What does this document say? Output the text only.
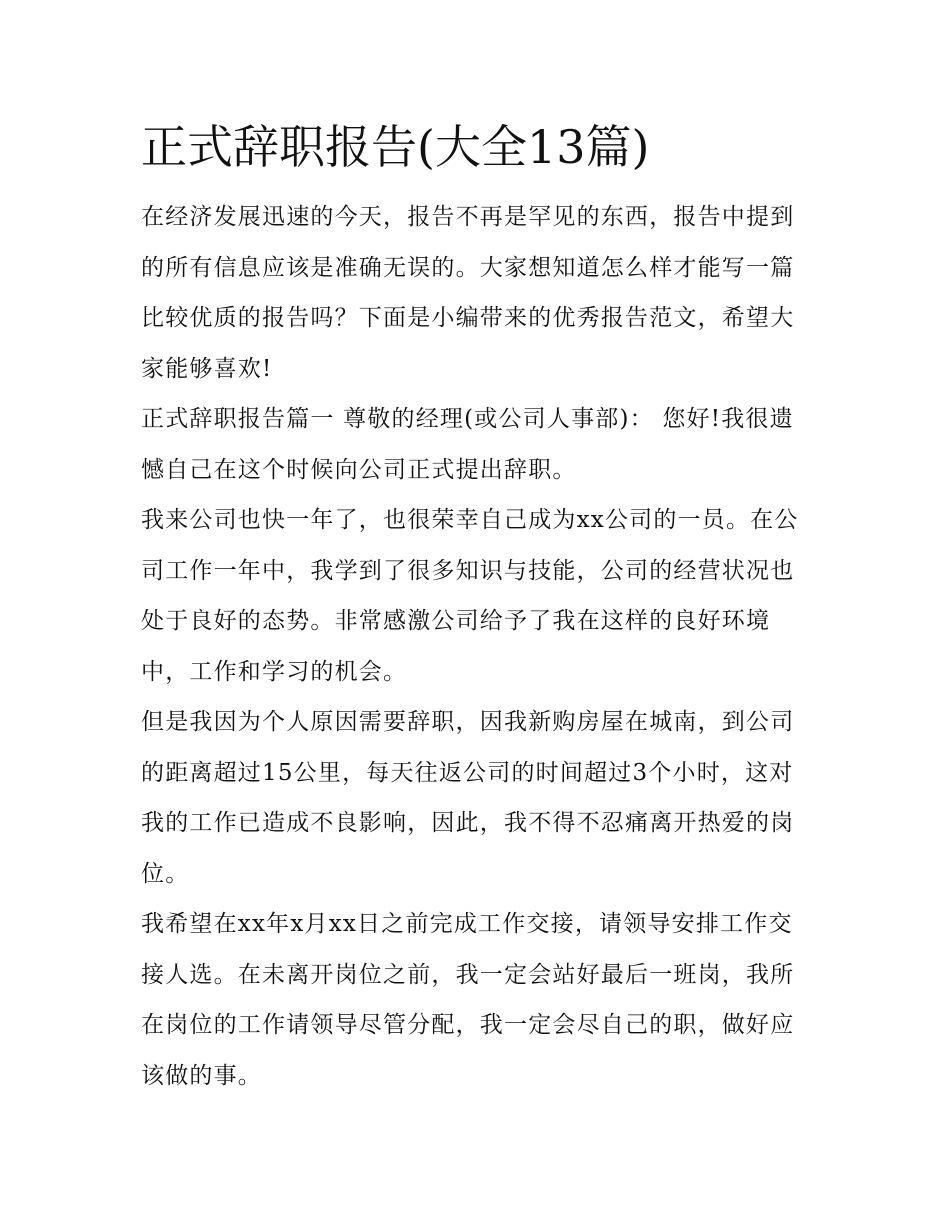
正式辞职报告(大全13篇)

在经济发展迅速的今天，报告不再是罕见的东西，报告中提到的所有信息应该是准确无误的。大家想知道怎么样才能写一篇比较优质的报告吗？下面是小编带来的优秀报告范文，希望大家能够喜欢!

正式辞职报告篇一 尊敬的经理(或公司人事部)： 您好!我很遗憾自己在这个时候向公司正式提出辞职。

我来公司也快一年了，也很荣幸自己成为xx公司的一员。在公司工作一年中，我学到了很多知识与技能，公司的经营状况也处于良好的态势。非常感激公司给予了我在这样的良好环境中，工作和学习的机会。

但是我因为个人原因需要辞职，因我新购房屋在城南，到公司的距离超过15公里，每天往返公司的时间超过3个小时，这对我的工作已造成不良影响，因此，我不得不忍痛离开热爱的岗位。

我希望在xx年x月xx日之前完成工作交接，请领导安排工作交接人选。在未离开岗位之前，我一定会站好最后一班岗，我所在岗位的工作请领导尽管分配，我一定会尽自己的职，做好应该做的事。
